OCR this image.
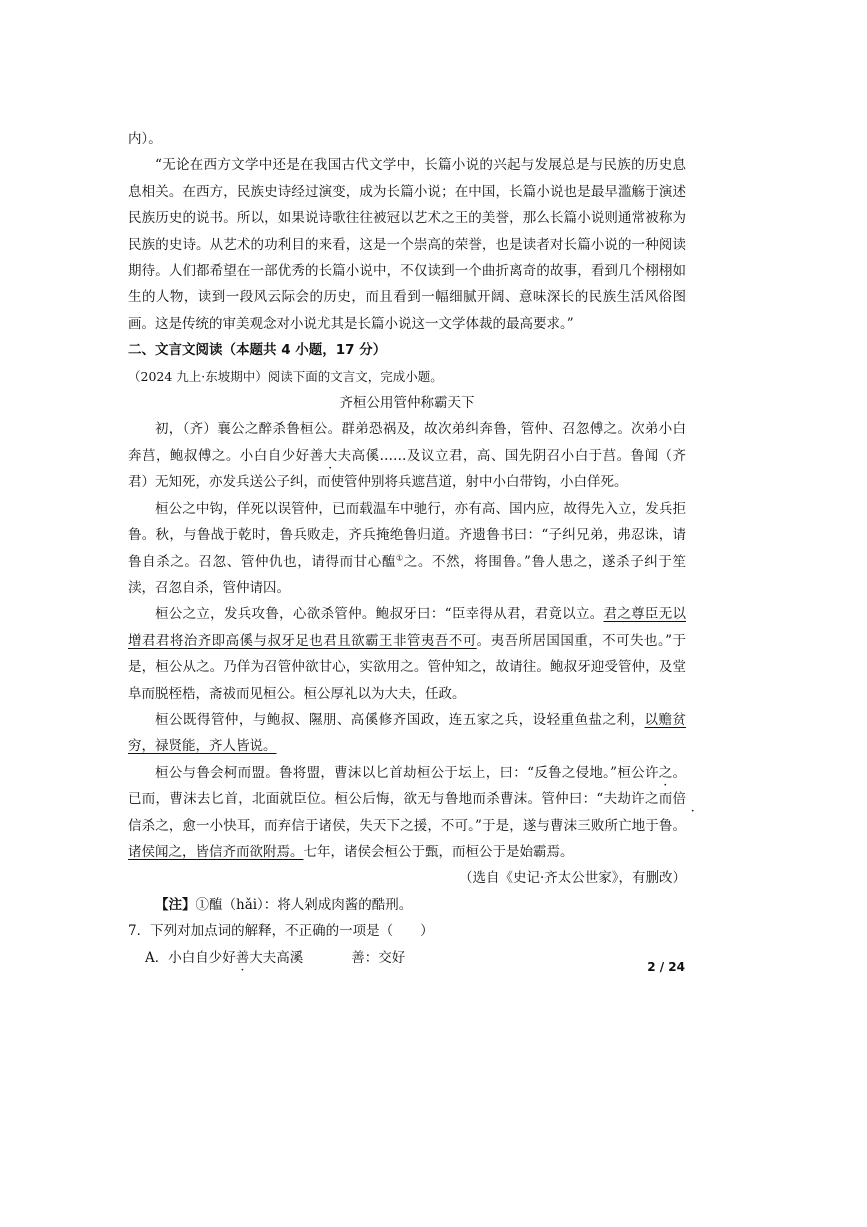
内）。

“无论在西方文学中还是在我国古代文学中，长篇小说的兴起与发展总是与民族的历史息息相关。在西方，民族史诗经过演变，成为长篇小说；在中国，长篇小说也是最早滥觞于演述民族历史的说书。所以，如果说诗歌往往被冠以艺术之王的美誉，那么长篇小说则通常被称为民族的史诗。从艺术的功利目的来看，这是一个崇高的荣誉，也是读者对长篇小说的一种阅读期待。人们都希望在一部优秀的长篇小说中，不仅读到一个曲折离奇的故事，看到几个栩栩如生的人物，读到一段风云际会的历史，而且看到一幅细腻开阔、意味深长的民族生活风俗图画。这是传统的审美观念对小说尤其是长篇小说这一文学体裁的最高要求。”

二、文言文阅读（本题共 4 小题，17 分）

（2024 九上·东坡期中）阅读下面的文言文，完成小题。

齐桓公用管仲称霸天下

初，（齐）襄公之醉杀鲁桓公。群弟恐祸及，故次弟纠奔鲁，管仲、召忽傅之。次弟小白奔莒，鲍叔傅之。小白自少好善大夫高傒……及议立君，高、国先阴召小白于莒。鲁闻（齐君）无知死，亦发兵送公子纠，而使管仲别将兵遮莒道，射中小白带钩，小白佯死。

桓公之中钩，佯死以误管仲，已而载温车中驰行，亦有高、国内应，故得先入立，发兵拒鲁。秋，与鲁战于乾时，鲁兵败走，齐兵掩绝鲁归道。齐遗鲁书曰：“子纠兄弟，弗忍诛，请鲁自杀之。召忽、管仲仇也，请得而甘心醢①之。不然，将围鲁。”鲁人患之，遂杀子纠于笙渎，召忽自杀，管仲请囚。

桓公之立，发兵攻鲁，心欲杀管仲。鲍叔牙曰：“臣幸得从君，君竟以立。君之尊臣无以增君君将治齐即高傒与叔牙足也君且欲霸王非管夷吾不可。夷吾所居国国重，不可失也。”于是，桓公从之。乃佯为召管仲欲甘心，实欲用之。管仲知之，故请往。鲍叔牙迎受管仲，及堂阜而脱桎梏，斋祓而见桓公。桓公厚礼以为大夫，任政。

桓公既得管仲，与鲍叔、隰朋、高傒修齐国政，连五家之兵，设轻重鱼盐之利，以赡贫穷，禄贤能，齐人皆说。

桓公与鲁会柯而盟。鲁将盟，曹沫以匕首劫桓公于坛上，曰：“反鲁之侵地。”桓公许之。已而，曹沫去匕首，北面就臣位。桓公后悔，欲无与鲁地而杀曹沫。管仲曰：“夫劫许之而倍信杀之，愈一小快耳，而弃信于诸侯，失天下之援，不可。”于是，遂与曹沫三败所亡地于鲁。诸侯闻之，皆信齐而欲附焉。七年，诸侯会桓公于甄，而桓公于是始霸焉。

（选自《史记·齐太公世家》，有删改）

【注】①醢（hǎi）：将人剁成肉酱的酷刑。

7．下列对加点词的解释，不正确的一项是（　　）

A．小白自少好善大夫高溪	善：交好

2 / 24
